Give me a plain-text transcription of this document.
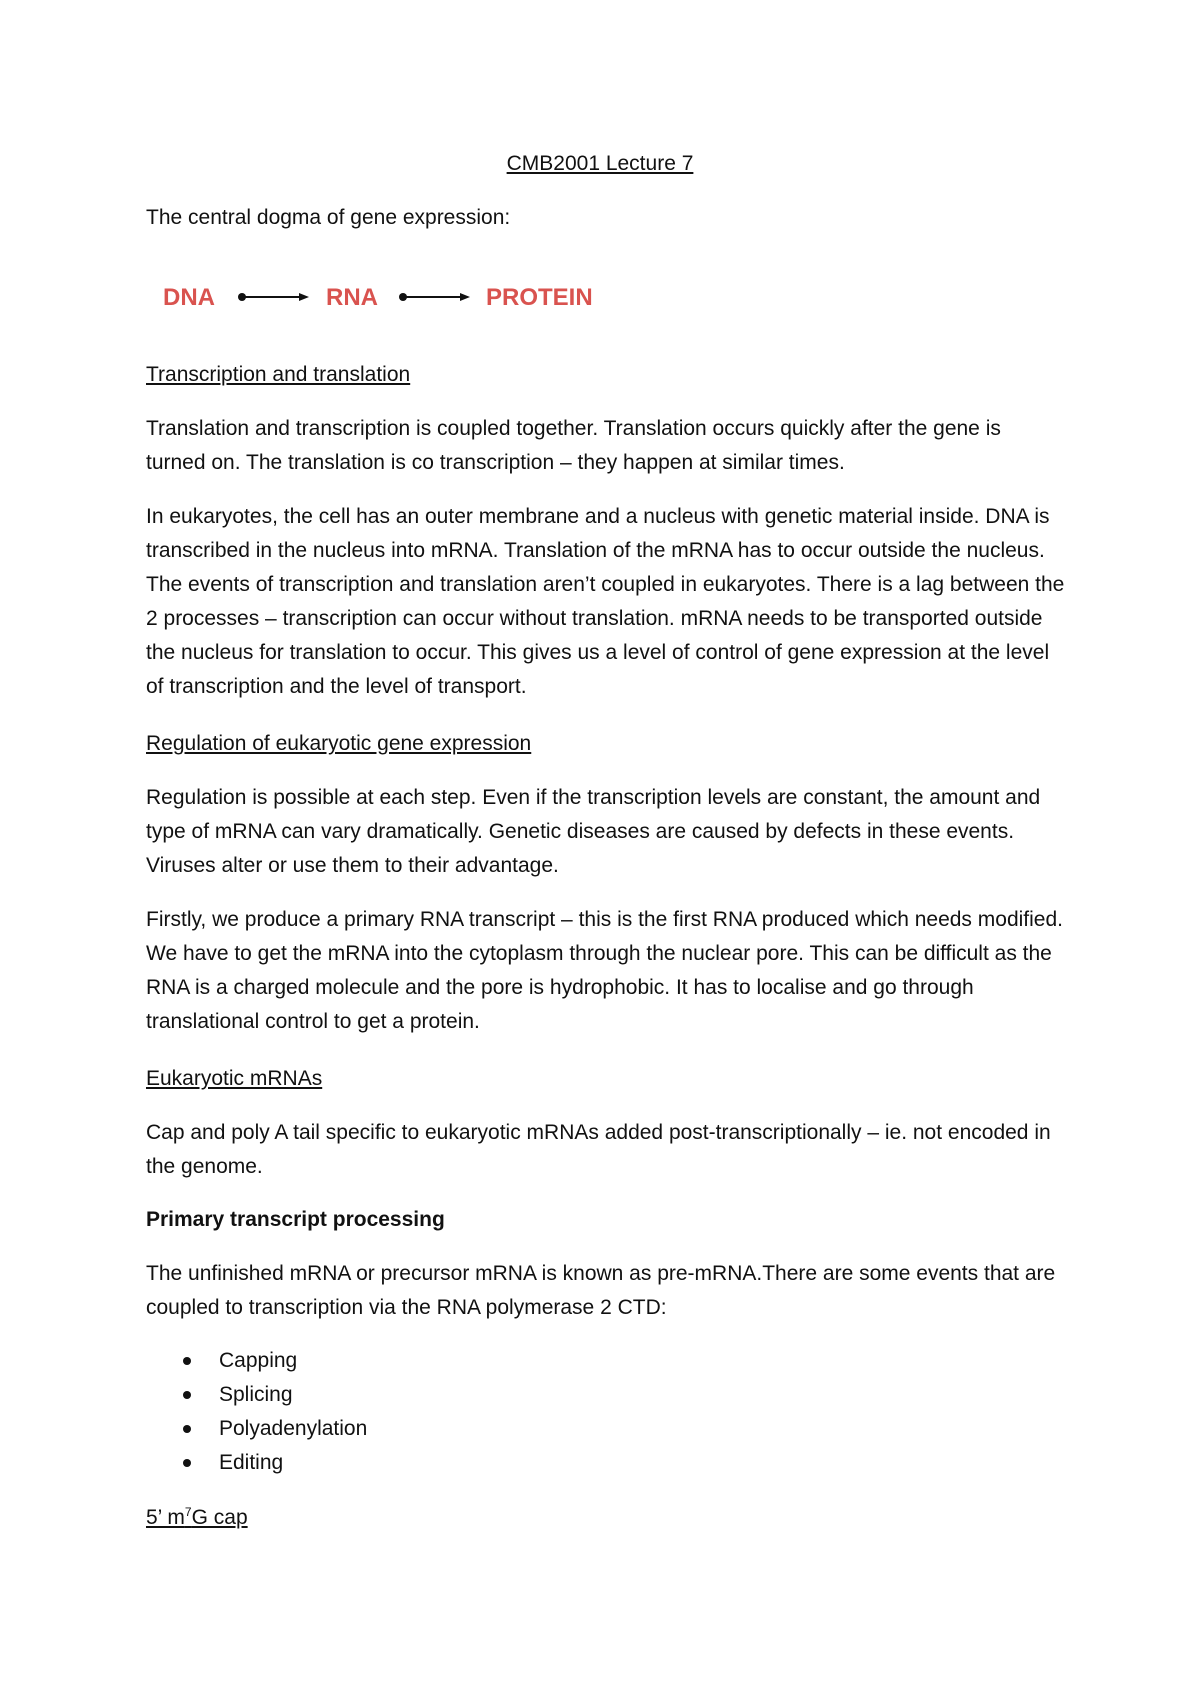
CMB2001 Lecture 7

The central dogma of gene expression:

DNA	RNA	PROTEIN

Transcription and translation

Translation and transcription is coupled together. Translation occurs quickly after the gene is turned on. The translation is co transcription – they happen at similar times.

In eukaryotes, the cell has an outer membrane and a nucleus with genetic material inside. DNA is transcribed in the nucleus into mRNA. Translation of the mRNA has to occur outside the nucleus. The events of transcription and translation aren’t coupled in eukaryotes. There is a lag between the 2 processes – transcription can occur without translation. mRNA needs to be transported outside the nucleus for translation to occur. This gives us a level of control of gene expression at the level of transcription and the level of transport.

Regulation of eukaryotic gene expression

Regulation is possible at each step. Even if the transcription levels are constant, the amount and type of mRNA can vary dramatically. Genetic diseases are caused by defects in these events. Viruses alter or use them to their advantage.

Firstly, we produce a primary RNA transcript – this is the first RNA produced which needs modified. We have to get the mRNA into the cytoplasm through the nuclear pore. This can be difficult as the RNA is a charged molecule and the pore is hydrophobic. It has to localise and go through translational control to get a protein.

Eukaryotic mRNAs

Cap and poly A tail specific to eukaryotic mRNAs added post-transcriptionally – ie. not encoded in the genome.

Primary transcript processing

The unfinished mRNA or precursor mRNA is known as pre-mRNA.There are some events that are coupled to transcription via the RNA polymerase 2 CTD:

Capping
Splicing
Polyadenylation
Editing

5’ $m^7G$ cap
